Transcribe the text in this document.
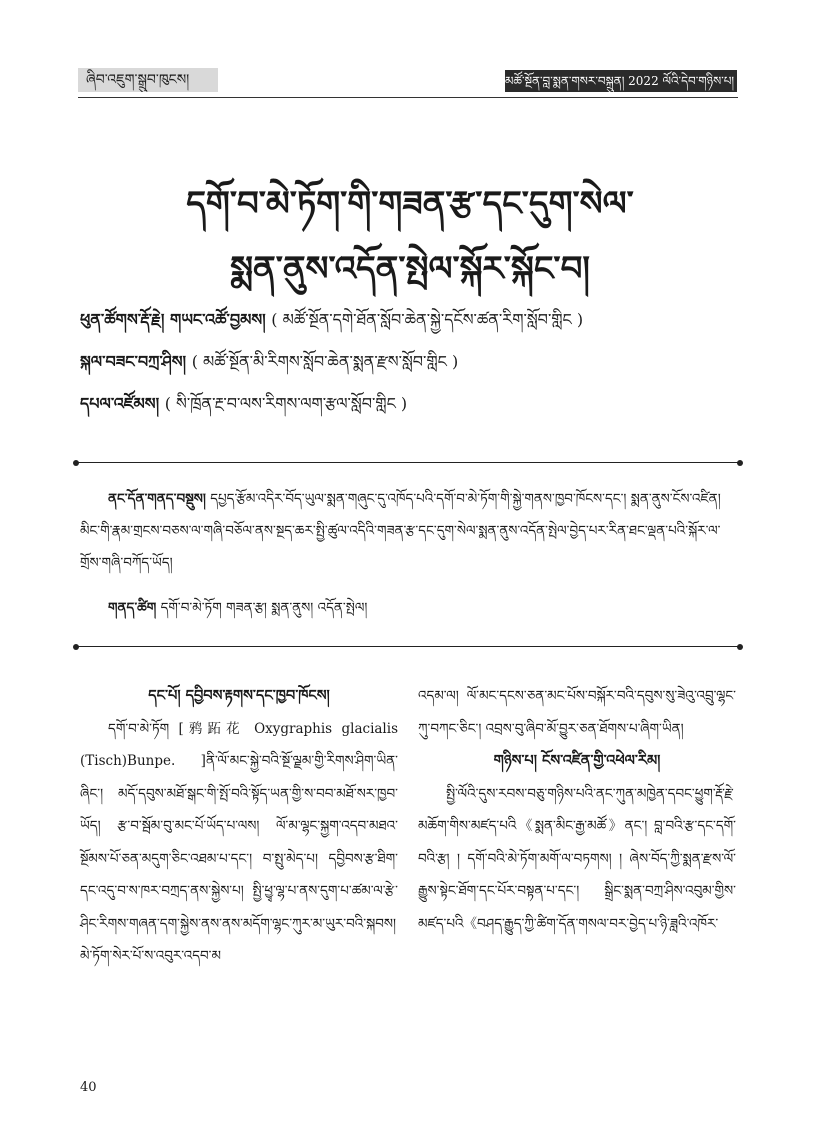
ཞིབ་འཇུག་སྒྲུབ་ཁུངས།	མཚོ་སྔོན་བླ་སྨན་གསར་བསྐྲུན། 2022 ལོའི་དེབ་གཉིས་པ།
དགོ་བ་མེ་ཏོག་གི་གཟན་རྩ་དང་དུག་སེལ་
སྨན་ནུས་འདོན་སྤེལ་སྐོར་སྐོང་བ།
ཕུན་ཚོགས་རྡོ་རྗེ། གཡང་འཚོ་བྱམས། ( མཚོ་སྔོན་དགེ་ཐོན་སློབ་ཆེན་སྐྱེ་དངོས་ཚན་རིག་སློབ་གླིང )
སྐལ་བཟང་བཀྲ་ཤིས། ( མཚོ་སྔོན་མི་རིགས་སློབ་ཆེན་སྨན་རྫས་སློབ་གླིང )
དཔལ་འཛོམས། ( སི་ཁྲོན་རྔ་བ་ལས་རིགས་ལག་རྩལ་སློབ་གླིང )
ནང་དོན་གནད་བསྡུས། དཔྱད་རྩོམ་འདིར་བོད་ཡུལ་སྨན་གཞུང་དུ་འཁོད་པའི་དགོ་བ་མེ་ཏོག་གི་སྐྱེ་གནས་ཁྱབ་ཁོངས་དང་། སྨན་ནུས་ངོས་འཛིན། མིང་གི་རྣམ་གྲངས་བཅས་ལ་གཞི་བཅོལ་ནས་སྔད་ཆར་སྤྱི་ཚུལ་འདིའི་གཟན་རྩ་དང་དུག་སེལ་སྨན་ནུས་འདོན་སྤེལ་བྱེད་པར་རིན་ཐང་ལྡན་པའི་སྐོར་ལ་གྲོས་གཞི་བཀོད་ཡོད།
གནད་ཚིག དགོ་བ་མེ་ཏོག གཟན་རྩ། སྨན་ནུས། འདོན་སྤེལ།

དང་པོ། དབྱིབས་རྟགས་དང་ཁྱབ་ཁོངས།

དགོ་བ་མེ་ཏོག [鸦跖花 Oxygraphis glacialis (Tisch)Bunpe. ]ནི་ལོ་མང་སྐྱེ་བའི་སྔོ་ལྗམ་གྱི་རིགས་ཤིག་ཡིན་ཞིང་། མདོ་དབུས་མཐོ་སྒང་གི་སྤོ་བའི་སྟོད་ཡན་གྱི་ས་བབ་མཐོ་སར་ཁྱབ་ཡོད། རྩ་བ་སྦོམ་བུ་མང་པོ་ཡོད་པ་ལས། ལོ་མ་ལྷང་སྐྱག་འདབ་མཐའ་སྔོམས་པོ་ཅན་མདུག་ཅིང་འཐམ་པ་དང་། བ་སྤུ་མེད་པ། དབྱིབས་རྩ་ཐིག་དང་འདུ་བ་ས་ཁར་བཀྲད་ནས་སྐྱེས་པ། སྤྱི་ཕྱྭ་ལྷ་པ་ནས་དུག་པ་ཚམ་ལ་རྩེ་ཤིང་རིགས་གཞན་དག་སྐྱེས་ནས་ནས་མདོག་ལྷང་ཀུར་མ་ཡུར་བའི་སྐབས། མེ་ཏོག་སེར་པོ་ས་འབུར་འདབ་མ

འདམ་ལ། ལོ་མང་དངས་ཅན་མང་པོས་བསྐོར་བའི་དབུས་སུ་ཟེའུ་འབྲུ་ལྷང་ཀུ་བཀང་ཅིང་། འབྲས་བུ་ཞིབ་མོ་བྱུར་ཅན་ཐོགས་པ་ཞིག་ཡིན།

གཉིས་པ། ངོས་འཛིན་གྱི་འཕེལ་རིམ།

སྤྱི་ལོའི་དུས་རབས་བཅུ་གཉིས་པའི་ནང་ཀུན་མཁྱེན་དབང་ཕྱུག་རྡོ་རྗེ་མཆོག་གིས་མཛད་པའི《སྨན་མིང་རྒྱ་མཚོ》ནང་། བླ་བའི་རྩ་དང་དགོ་བའི་རྩ། ། དགོ་བའི་མེ་ཏོག་མགོ་ལ་བཏགས། ། ཞེས་བོད་ཀྱི་སྨན་རྫས་ལོ་རྒྱུས་སྟེང་ཐོག་དང་པོར་བསྟན་པ་དང་། སྒྲིང་སྨན་བཀྲ་ཤིས་འབུམ་གྱིས་མཛད་པའི《བཤད་རྒྱུད་ཀྱི་ཚིག་དོན་གསལ་བར་བྱེད་པ་ཉི་ཟླའི་འཁོར་

40
